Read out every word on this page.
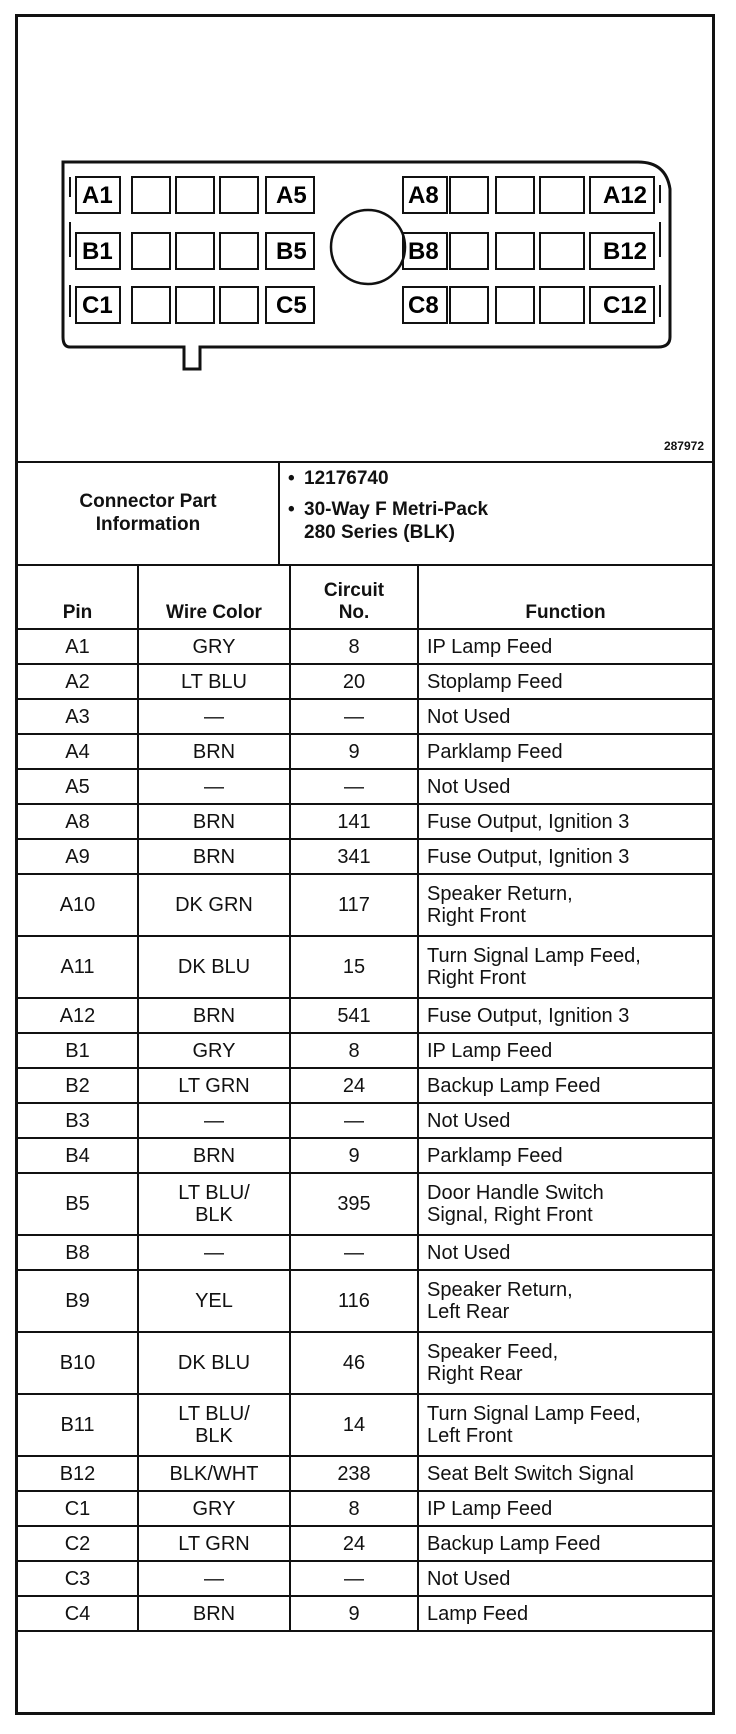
A1	A5	A8	A12
B1	B5	B8	B12
C1	C5	C8	C12
287972
Connector Part Information
• 12176740
• 30-Way F Metri-Pack
280 Series (BLK)
Pin	Wire Color	Circuit
No.	Function
A1	GRY	8	IP Lamp Feed
A2	LT BLU	20	Stoplamp Feed
A3	—	—	Not Used
A4	BRN	9	Parklamp Feed
A5	—	—	Not Used
A8	BRN	141	Fuse Output, Ignition 3
A9	BRN	341	Fuse Output, Ignition 3
A10	DK GRN	117	Speaker Return,
Right Front
A11	DK BLU	15	Turn Signal Lamp Feed,
Right Front
A12	BRN	541	Fuse Output, Ignition 3
B1	GRY	8	IP Lamp Feed
B2	LT GRN	24	Backup Lamp Feed
B3	—	—	Not Used
B4	BRN	9	Parklamp Feed
B5	LT BLU/
BLK	395	Door Handle Switch
Signal, Right Front
B8	—	—	Not Used
B9	YEL	116	Speaker Return,
Left Rear
B10	DK BLU	46	Speaker Feed,
Right Rear
B11	LT BLU/
BLK	14	Turn Signal Lamp Feed,
Left Front
B12	BLK/WHT	238	Seat Belt Switch Signal
C1	GRY	8	IP Lamp Feed
C2	LT GRN	24	Backup Lamp Feed
C3	—	—	Not Used
C4	BRN	9	Lamp Feed
